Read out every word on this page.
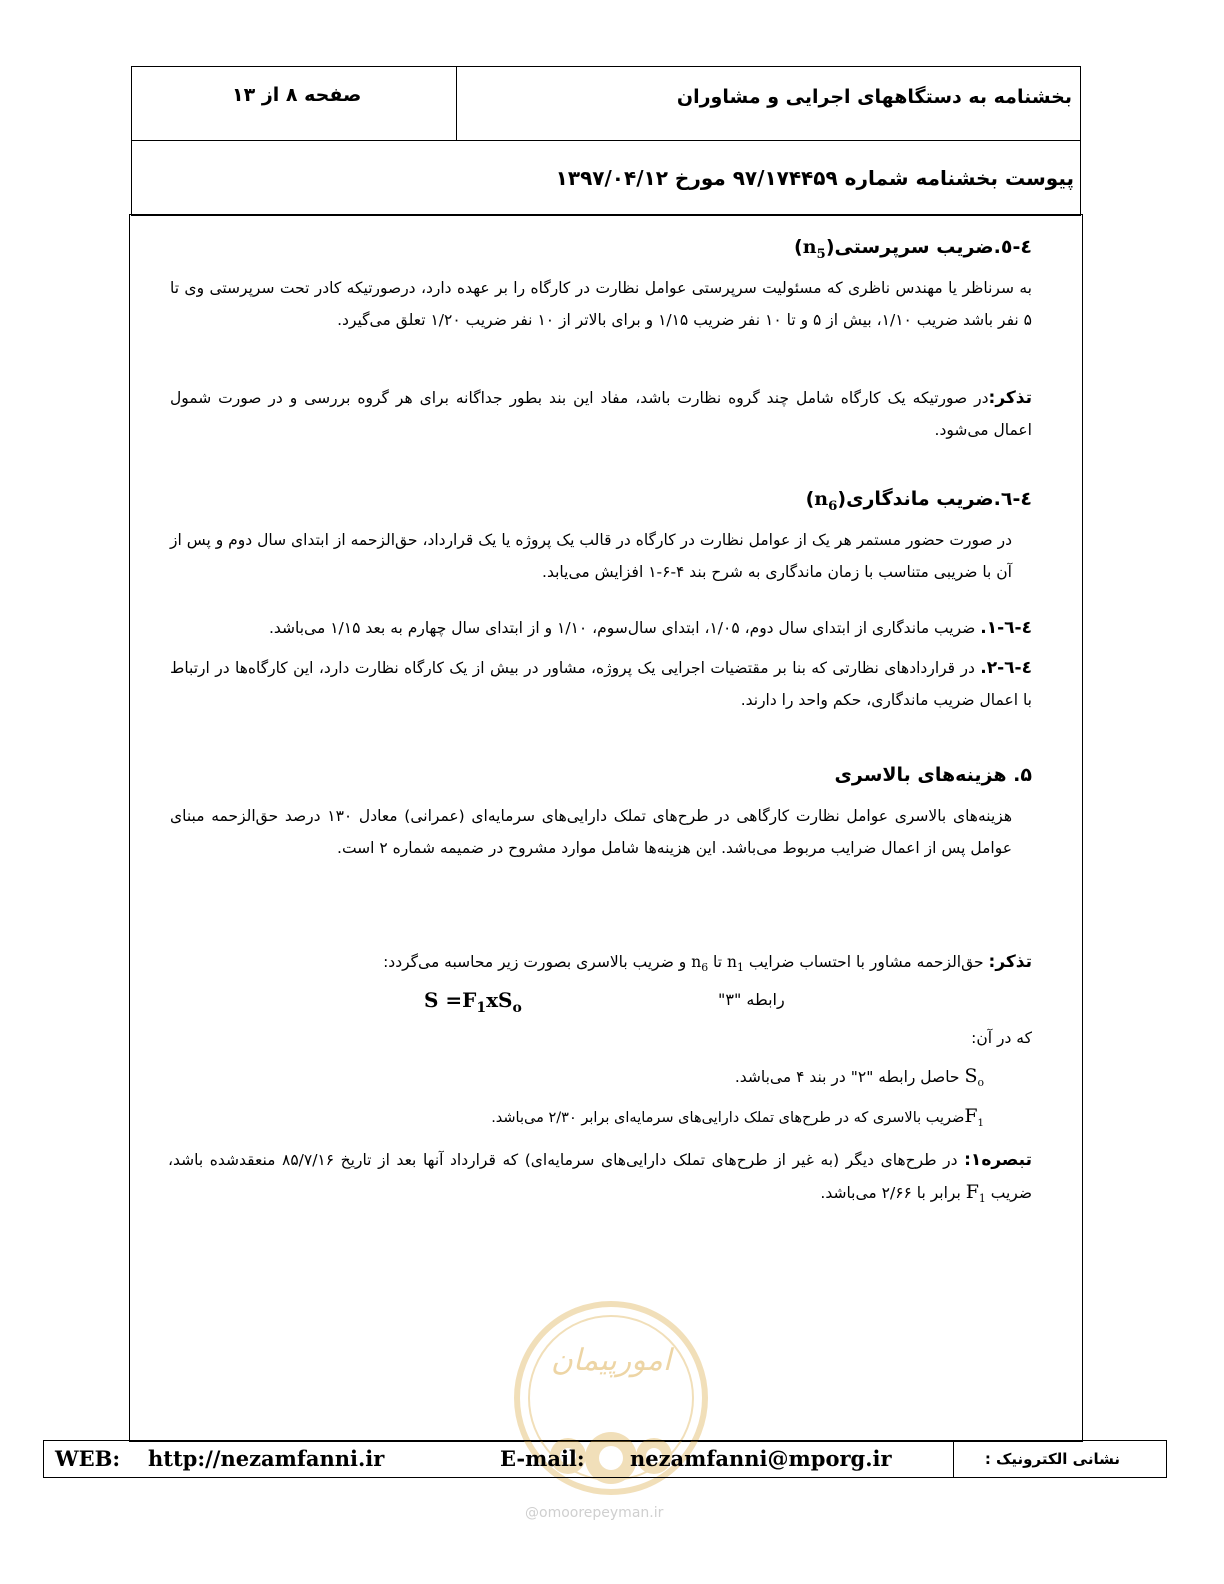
بخشنامه به دستگاههای اجرایی و مشاوران
صفحه ۸ از ۱۳
پیوست بخشنامه شماره ۹۷/۱۷۴۴۵۹ مورخ ۱۳۹۷/۰۴/۱۲
٤-٥.ضریب $سرپرستی(n_5)$
به سرناظر یا مهندس ناظری که مسئولیت سرپرستی عوامل نظارت در کارگاه را بر عهده دارد، درصورتیکه کادر تحت سرپرستی وی تا ۵ نفر باشد ضریب ۱/۱۰، بیش از ۵ و تا ۱۰ نفر ضریب ۱/۱۵ و برای بالاتر از ۱۰ نفر ضریب ۱/۲۰ تعلق می‌گیرد.
تذکر:در صورتیکه یک کارگاه شامل چند گروه نظارت باشد، مفاد این بند بطور جداگانه برای هر گروه بررسی و در صورت شمول اعمال می‌شود.
٤-٦.ضریب $ماندگاری(n_6)$
در صورت حضور مستمر هر یک از عوامل نظارت در کارگاه در قالب یک پروژه یا یک قرارداد، حق‌الزحمه از ابتدای سال دوم و پس از آن با ضریبی متناسب با زمان ماندگاری به شرح بند ۴-۶-۱ افزایش می‌یابد.
٤-٦-١. ضریب ماندگاری از ابتدای سال دوم، ۱/۰۵، ابتدای سال‌سوم، ۱/۱۰ و از ابتدای سال چهارم به بعد ۱/۱۵ می‌باشد.
٤-٦-٢. در قراردادهای نظارتی که بنا بر مقتضیات اجرایی یک پروژه، مشاور در بیش از یک کارگاه نظارت دارد، این کارگاه‌ها در ارتباط با اعمال ضریب ماندگاری، حکم واحد را دارند.
۵. هزینه‌های بالاسری
هزینه‌های بالاسری عوامل نظارت کارگاهی در طرح‌های تملک دارایی‌های سرمایه‌ای (عمرانی) معادل ۱۳۰ درصد حق‌الزحمه مبنای عوامل پس از اعمال ضرایب مربوط می‌باشد. این هزینه‌ها شامل موارد مشروح در ضمیمه شماره ۲ است.
تذکر: حق‌الزحمه مشاور با احتساب ضرایب $n_1$ تا $n_6$ و ضریب بالاسری بصورت زیر محاسبه می‌گردد:
رابطه "۳"
$S =F_1xS_o$
که در آن:
$S_o$ حاصل رابطه "۲" در بند ۴ می‌باشد.
$F_1ضریب$ بالاسری که در طرح‌های تملک دارایی‌های سرمایه‌ای برابر ۲/۳۰ می‌باشد.
تبصره۱: در طرح‌های دیگر (به غیر از طرح‌های تملک دارایی‌های سرمایه‌ای) که قرارداد آنها بعد از تاریخ ۸۵/۷/۱۶ منعقدشده باشد، ضریب $F_1$ برابر با ۲/۶۶ می‌باشد.
امورپیمان
WEB: http://nezamfanni.ir	E-mail: nezamfanni@mporg.ir	نشانی الکترونیک :
@omoorepeyman.ir
